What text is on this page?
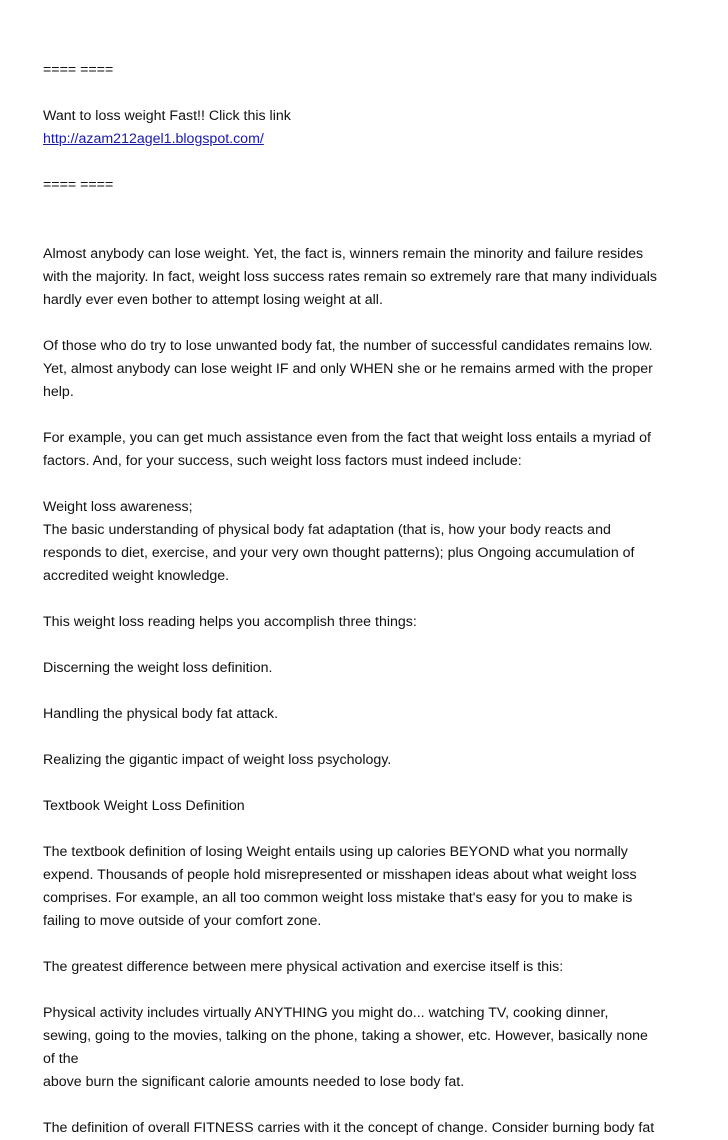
==== ====
Want to loss weight Fast!! Click this link
http://azam212agel1.blogspot.com/
==== ====
Almost anybody can lose weight. Yet, the fact is, winners remain the minority and failure resides
with the majority. In fact, weight loss success rates remain so extremely rare that many individuals
hardly ever even bother to attempt losing weight at all.
Of those who do try to lose unwanted body fat, the number of successful candidates remains low.
Yet, almost anybody can lose weight IF and only WHEN she or he remains armed with the proper
help.
For example, you can get much assistance even from the fact that weight loss entails a myriad of
factors. And, for your success, such weight loss factors must indeed include:
Weight loss awareness;
The basic understanding of physical body fat adaptation (that is, how your body reacts and
responds to diet, exercise, and your very own thought patterns); plus Ongoing accumulation of
accredited weight knowledge.
This weight loss reading helps you accomplish three things:
Discerning the weight loss definition.
Handling the physical body fat attack.
Realizing the gigantic impact of weight loss psychology.
Textbook Weight Loss Definition
The textbook definition of losing Weight entails using up calories BEYOND what you normally
expend. Thousands of people hold misrepresented or misshapen ideas about what weight loss
comprises. For example, an all too common weight loss mistake that's easy for you to make is
failing to move outside of your comfort zone.
The greatest difference between mere physical activation and exercise itself is this:
Physical activity includes virtually ANYTHING you might do... watching TV, cooking dinner,
sewing, going to the movies, talking on the phone, taking a shower, etc. However, basically none
of the
above burn the significant calorie amounts needed to lose body fat.
The definition of overall FITNESS carries with it the concept of change. Consider burning body fat
